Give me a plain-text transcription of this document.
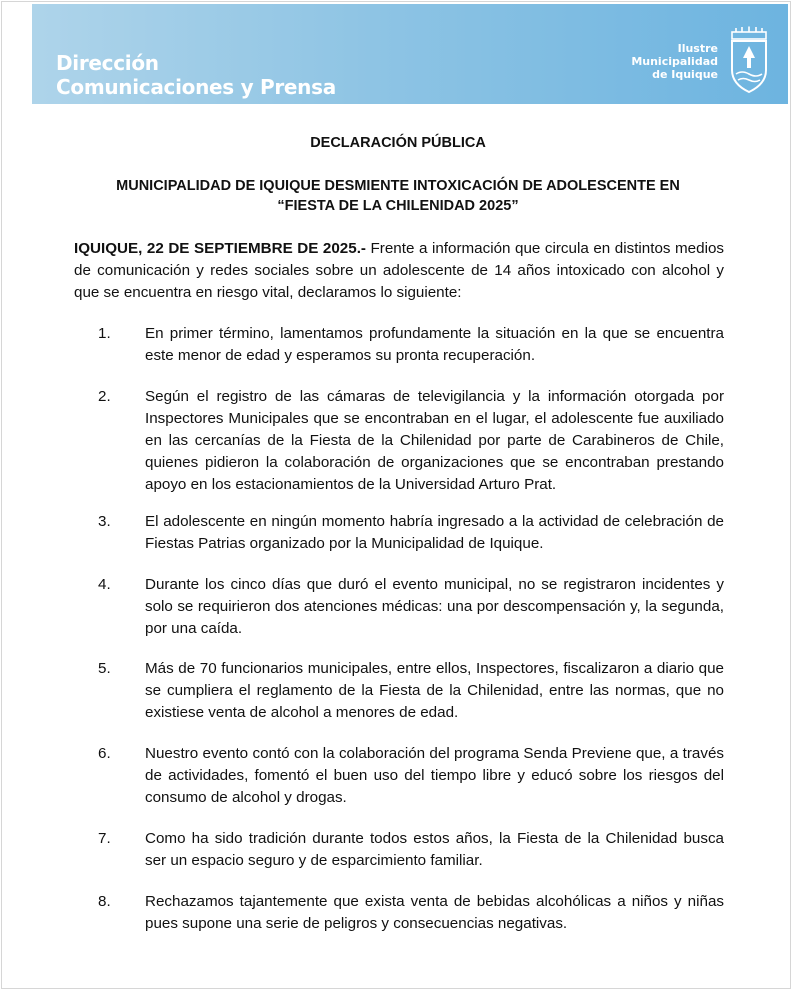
Dirección
Comunicaciones y Prensa
Ilustre
Municipalidad
de Iquique
DECLARACIÓN PÚBLICA
MUNICIPALIDAD DE IQUIQUE DESMIENTE INTOXICACIÓN DE ADOLESCENTE EN
“FIESTA DE LA CHILENIDAD 2025”
IQUIQUE, 22 DE SEPTIEMBRE DE 2025.- Frente a información que circula en distintos medios de comunicación y redes sociales sobre un adolescente de 14 años intoxicado con alcohol y que se encuentra en riesgo vital, declaramos lo siguiente:
1.	En primer término, lamentamos profundamente la situación en la que se encuentra este menor de edad y esperamos su pronta recuperación.
2.	Según el registro de las cámaras de televigilancia y la información otorgada por Inspectores Municipales que se encontraban en el lugar, el adolescente fue auxiliado en las cercanías de la Fiesta de la Chilenidad por parte de Carabineros de Chile, quienes pidieron la colaboración de organizaciones que se encontraban prestando apoyo en los estacionamientos de la Universidad Arturo Prat.
3.	El adolescente en ningún momento habría ingresado a la actividad de celebración de Fiestas Patrias organizado por la Municipalidad de Iquique.
4.	Durante los cinco días que duró el evento municipal, no se registraron incidentes y solo se requirieron dos atenciones médicas: una por descompensación y, la segunda, por una caída.
5.	Más de 70 funcionarios municipales, entre ellos, Inspectores, fiscalizaron a diario que se cumpliera el reglamento de la Fiesta de la Chilenidad, entre las normas, que no existiese venta de alcohol a menores de edad.
6.	Nuestro evento contó con la colaboración del programa Senda Previene que, a través de actividades, fomentó el buen uso del tiempo libre y educó sobre los riesgos del consumo de alcohol y drogas.
7.	Como ha sido tradición durante todos estos años, la Fiesta de la Chilenidad busca ser un espacio seguro y de esparcimiento familiar.
8.	Rechazamos tajantemente que exista venta de bebidas alcohólicas a niños y niñas pues supone una serie de peligros y consecuencias negativas.
